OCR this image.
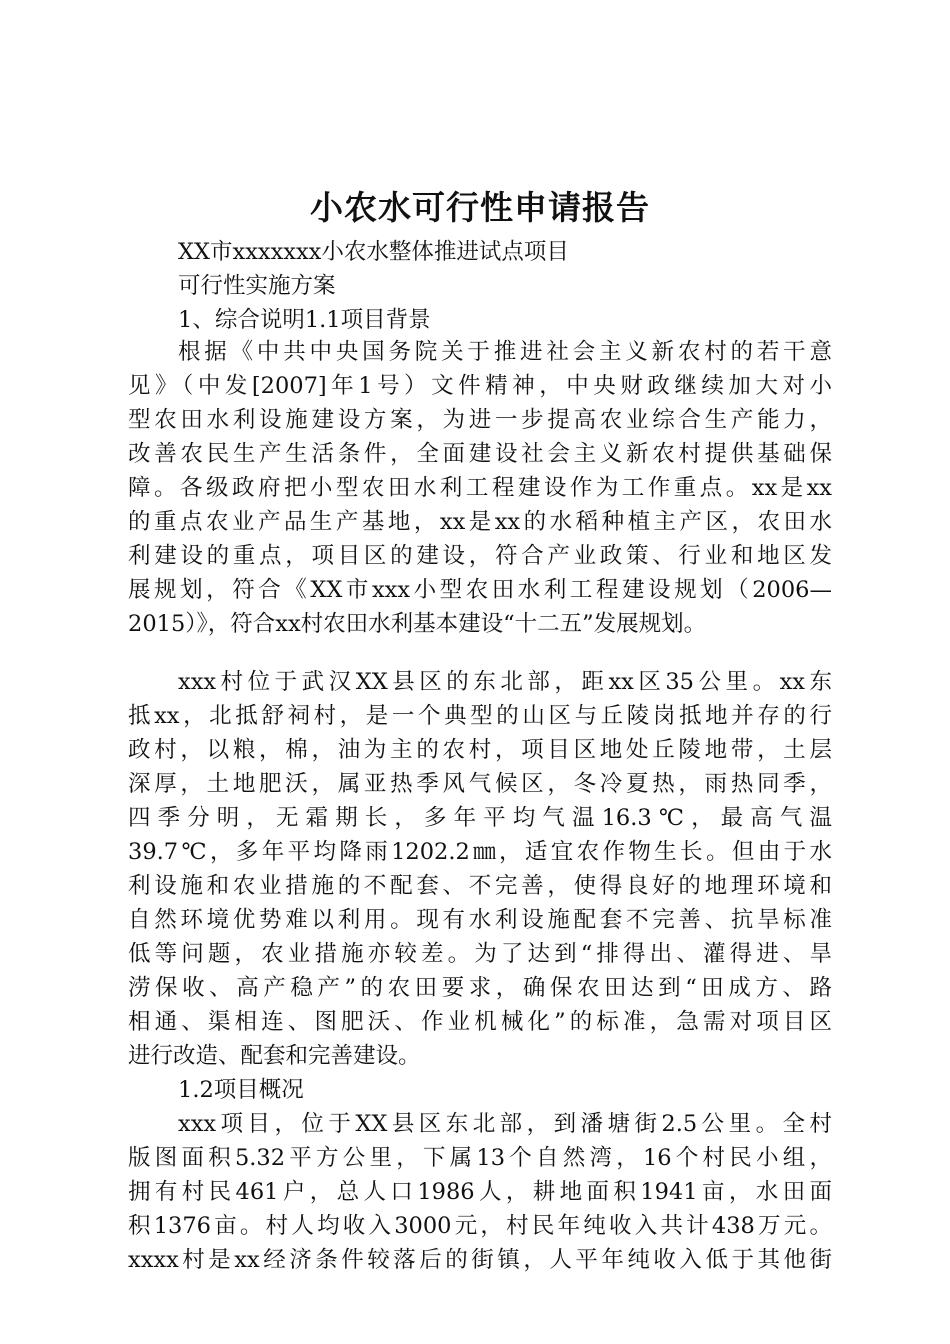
小农水可行性申请报告
XX市xxxxxxx小农水整体推进试点项目
可行性实施方案
1、综合说明1.1项目背景
根据《中共中央国务院关于推进社会主义新农村的若干意
见》（中发[2007]年1号）文件精神，中央财政继续加大对小
型农田水利设施建设方案，为进一步提高农业综合生产能力，
改善农民生产生活条件，全面建设社会主义新农村提供基础保
障。各级政府把小型农田水利工程建设作为工作重点。xx是xx
的重点农业产品生产基地，xx是xx的水稻种植主产区，农田水
利建设的重点，项目区的建设，符合产业政策、行业和地区发
展规划，符合《XX市xxx小型农田水利工程建设规划（2006—
2015）》，符合xx村农田水利基本建设“十二五”发展规划。
xxx村位于武汉XX县区的东北部，距xx区35公里。xx东
抵xx，北抵舒祠村，是一个典型的山区与丘陵岗抵地并存的行
政村，以粮，棉，油为主的农村，项目区地处丘陵地带，土层
深厚，土地肥沃，属亚热季风气候区，冬冷夏热，雨热同季，
四季分明，无霜期长，多年平均气温16.3℃，最高气温
39.7℃，多年平均降雨1202.2㎜，适宜农作物生长。但由于水
利设施和农业措施的不配套、不完善，使得良好的地理环境和
自然环境优势难以利用。现有水利设施配套不完善、抗旱标准
低等问题，农业措施亦较差。为了达到“排得出、灌得进、旱
涝保收、高产稳产”的农田要求，确保农田达到“田成方、路
相通、渠相连、图肥沃、作业机械化”的标准，急需对项目区
进行改造、配套和完善建设。
1.2项目概况
xxx项目，位于XX县区东北部，到潘塘街2.5公里。全村
版图面积5.32平方公里，下属13个自然湾，16个村民小组，
拥有村民461户，总人口1986人，耕地面积1941亩，水田面
积1376亩。村人均收入3000元，村民年纯收入共计438万元。
xxxx村是xx经济条件较落后的街镇，人平年纯收入低于其他街
